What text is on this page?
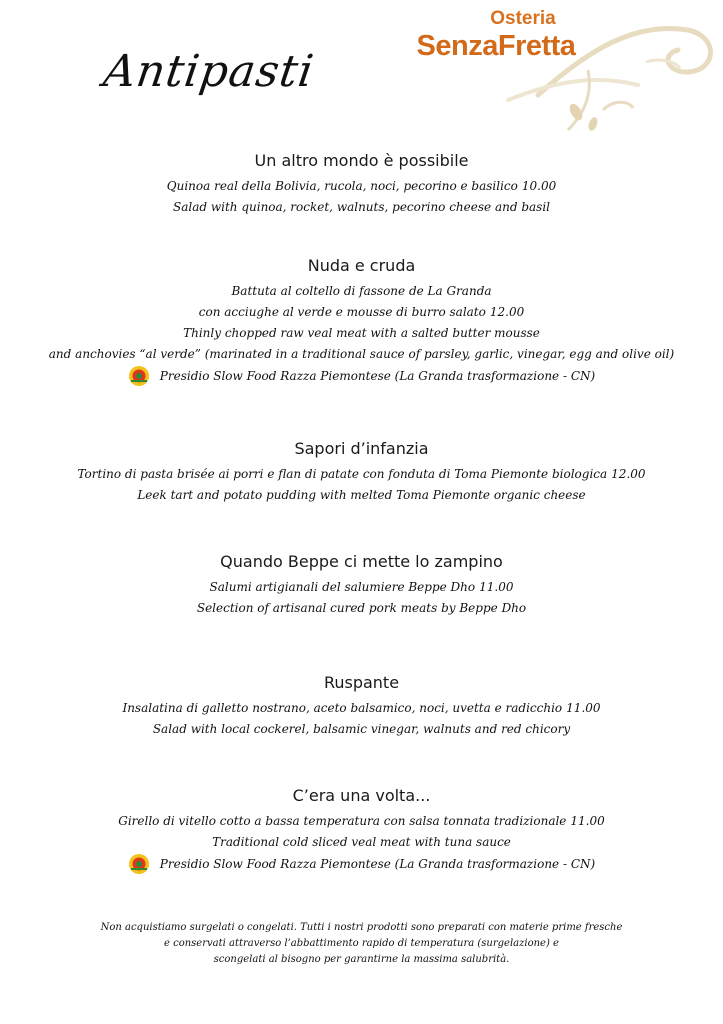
Antipasti
Osteria
SenzaFretta
Un altro mondo è possibile
Quinoa real della Bolivia, rucola, noci, pecorino e basilico 10.00
Salad with quinoa, rocket, walnuts, pecorino cheese and basil
Nuda e cruda
Battuta al coltello di fassone de La Granda
con acciughe al verde e mousse di burro salato 12.00
Thinly chopped raw veal meat with a salted butter mousse
and anchovies “al verde” (marinated in a traditional sauce of parsley, garlic, vinegar, egg and olive oil)
Presidio Slow Food Razza Piemontese (La Granda trasformazione - CN)
Sapori d’infanzia
Tortino di pasta brisée ai porri e flan di patate con fonduta di Toma Piemonte biologica 12.00
Leek tart and potato pudding with melted Toma Piemonte organic cheese
Quando Beppe ci mette lo zampino
Salumi artigianali del salumiere Beppe Dho 11.00
Selection of artisanal cured pork meats by Beppe Dho
Ruspante
Insalatina di galletto nostrano, aceto balsamico, noci, uvetta e radicchio 11.00
Salad with local cockerel, balsamic vinegar, walnuts and red chicory
C’era una volta...
Girello di vitello cotto a bassa temperatura con salsa tonnata tradizionale 11.00
Traditional cold sliced veal meat with tuna sauce
Presidio Slow Food Razza Piemontese (La Granda trasformazione - CN)
Non acquistiamo surgelati o congelati. Tutti i nostri prodotti sono preparati con materie prime fresche
e conservati attraverso l’abbattimento rapido di temperatura (surgelazione) e
scongelati al bisogno per garantirne la massima salubrità.
